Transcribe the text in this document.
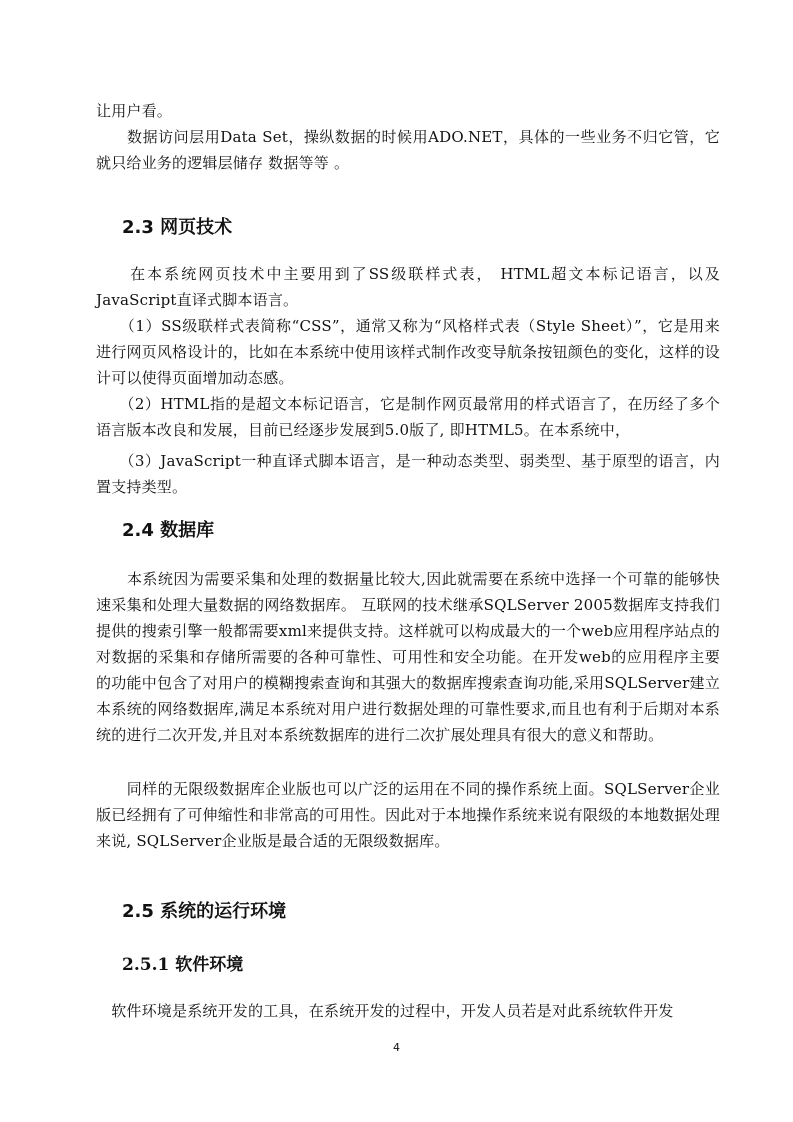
让用户看。

　　数据访问层用Data Set，操纵数据的时候用ADO.NET，具体的一些业务不归它管，它就只给业务的逻辑层储存 数据等等 。

2.3 网页技术

　　在本系统网页技术中主要用到了SS级联样式表， HTML超文本标记语言，以及JavaScript直译式脚本语言。

　　（1）SS级联样式表简称“CSS”，通常又称为“风格样式表（Style Sheet）”，它是用来进行网页风格设计的，比如在本系统中使用该样式制作改变导航条按钮颜色的变化，这样的设计可以使得页面增加动态感。

　　（2）HTML指的是超文本标记语言，它是制作网页最常用的样式语言了，在历经了多个语言版本改良和发展，目前已经逐步发展到5.0版了, 即HTML5。在本系统中，

　　（3）JavaScript一种直译式脚本语言，是一种动态类型、弱类型、基于原型的语言，内置支持类型。

2.4 数据库

　　本系统因为需要采集和处理的数据量比较大,因此就需要在系统中选择一个可靠的能够快速采集和处理大量数据的网络数据库。 互联网的技术继承SQLServer 2005数据库支持我们提供的搜索引擎一般都需要xml来提供支持。这样就可以构成最大的一个web应用程序站点的对数据的采集和存储所需要的各种可靠性、可用性和安全功能。在开发web的应用程序主要的功能中包含了对用户的模糊搜索查询和其强大的数据库搜索查询功能,采用SQLServer建立本系统的网络数据库,满足本系统对用户进行数据处理的可靠性要求,而且也有利于后期对本系统的进行二次开发,并且对本系统数据库的进行二次扩展处理具有很大的意义和帮助。

　　同样的无限级数据库企业版也可以广泛的运用在不同的操作系统上面。SQLServer企业版已经拥有了可伸缩性和非常高的可用性。因此对于本地操作系统来说有限级的本地数据处理来说, SQLServer企业版是最合适的无限级数据库。

2.5 系统的运行环境
2.5.1 软件环境

　软件环境是系统开发的工具，在系统开发的过程中，开发人员若是对此系统软件开发

4
